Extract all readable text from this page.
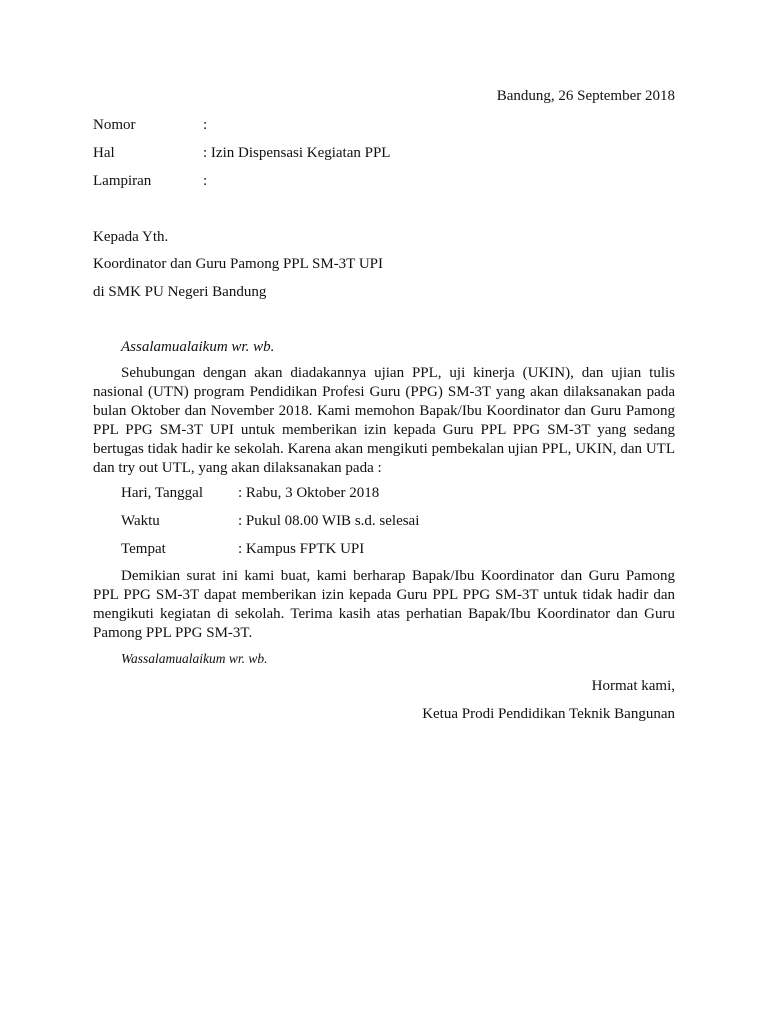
Bandung, 26 September 2018
Nomor	:
Hal	: Izin Dispensasi Kegiatan PPL
Lampiran	:
Kepada Yth.
Koordinator dan Guru Pamong PPL SM-3T UPI
di SMK PU Negeri Bandung
Assalamualaikum wr. wb.
Sehubungan dengan akan diadakannya ujian PPL, uji kinerja (UKIN), dan ujian tulis nasional (UTN) program Pendidikan Profesi Guru (PPG) SM-3T yang akan dilaksanakan pada bulan Oktober dan November 2018. Kami memohon Bapak/Ibu Koordinator dan Guru Pamong PPL PPG SM-3T UPI untuk memberikan izin kepada Guru PPL PPG SM-3T yang sedang bertugas tidak hadir ke sekolah. Karena akan mengikuti pembekalan ujian PPL, UKIN, dan UTL dan try out UTL, yang akan dilaksanakan pada :
Hari, Tanggal : Rabu, 3 Oktober 2018
Waktu	: Pukul 08.00 WIB s.d. selesai
Tempat	: Kampus FPTK UPI
Demikian surat ini kami buat, kami berharap Bapak/Ibu Koordinator dan Guru Pamong PPL PPG SM-3T dapat memberikan izin kepada Guru PPL PPG SM-3T untuk tidak hadir dan mengikuti kegiatan di sekolah. Terima kasih atas perhatian Bapak/Ibu Koordinator dan Guru Pamong PPL PPG SM-3T.
Wassalamualaikum wr. wb.
Hormat kami,
Ketua Prodi Pendidikan Teknik Bangunan
